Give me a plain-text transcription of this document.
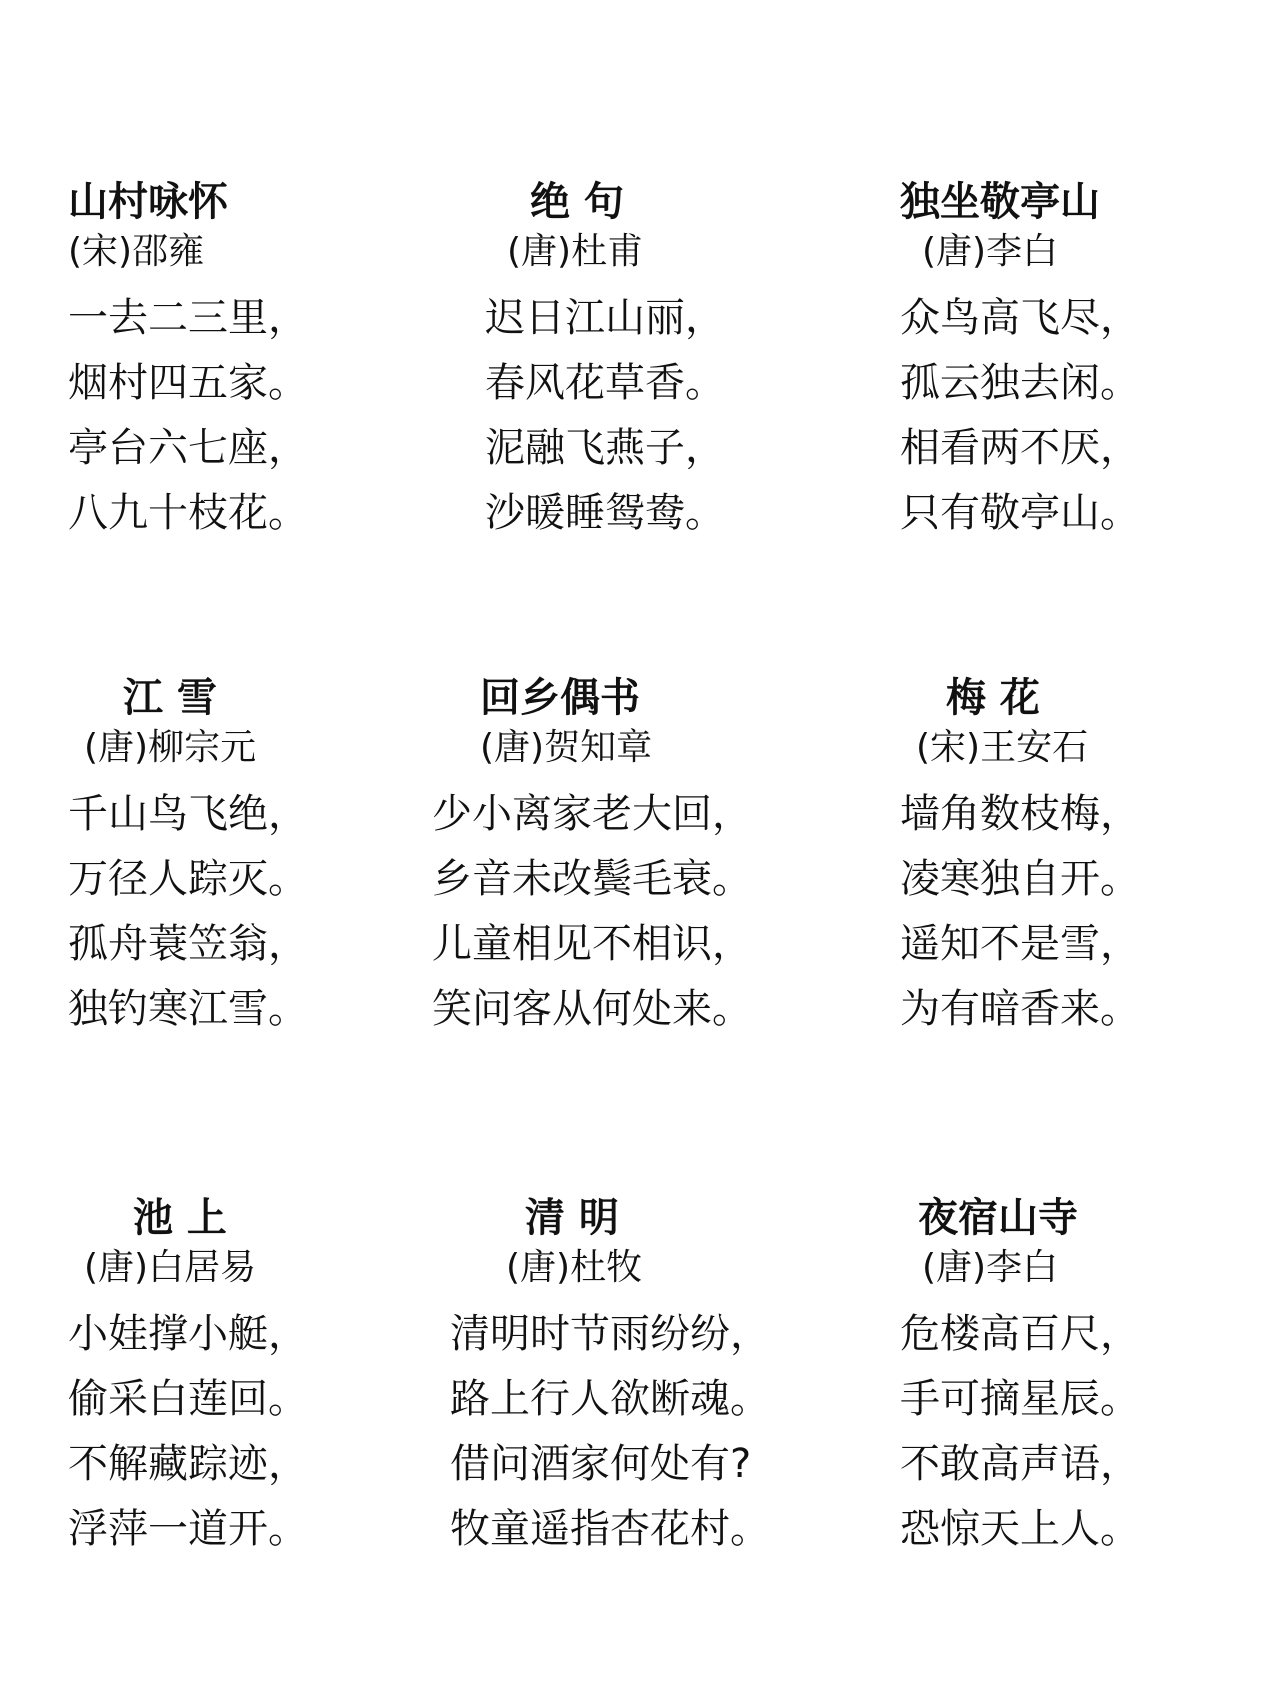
山村咏怀
(宋)邵雍
一去二三里，
烟村四五家。
亭台六七座，
八九十枝花。
绝 句
(唐)杜甫
迟日江山丽，
春风花草香。
泥融飞燕子，
沙暖睡鸳鸯。
独坐敬亭山
(唐)李白
众鸟高飞尽，
孤云独去闲。
相看两不厌，
只有敬亭山。
江 雪
(唐)柳宗元
千山鸟飞绝，
万径人踪灭。
孤舟蓑笠翁，
独钓寒江雪。
回乡偶书
(唐)贺知章
少小离家老大回，
乡音未改鬓毛衰。
儿童相见不相识，
笑问客从何处来。
梅 花
(宋)王安石
墙角数枝梅，
凌寒独自开。
遥知不是雪，
为有暗香来。
池 上
(唐)白居易
小娃撑小艇，
偷采白莲回。
不解藏踪迹，
浮萍一道开。
清 明
(唐)杜牧
清明时节雨纷纷，
路上行人欲断魂。
借问酒家何处有?
牧童遥指杏花村。
夜宿山寺
(唐)李白
危楼高百尺，
手可摘星辰。
不敢高声语，
恐惊天上人。
